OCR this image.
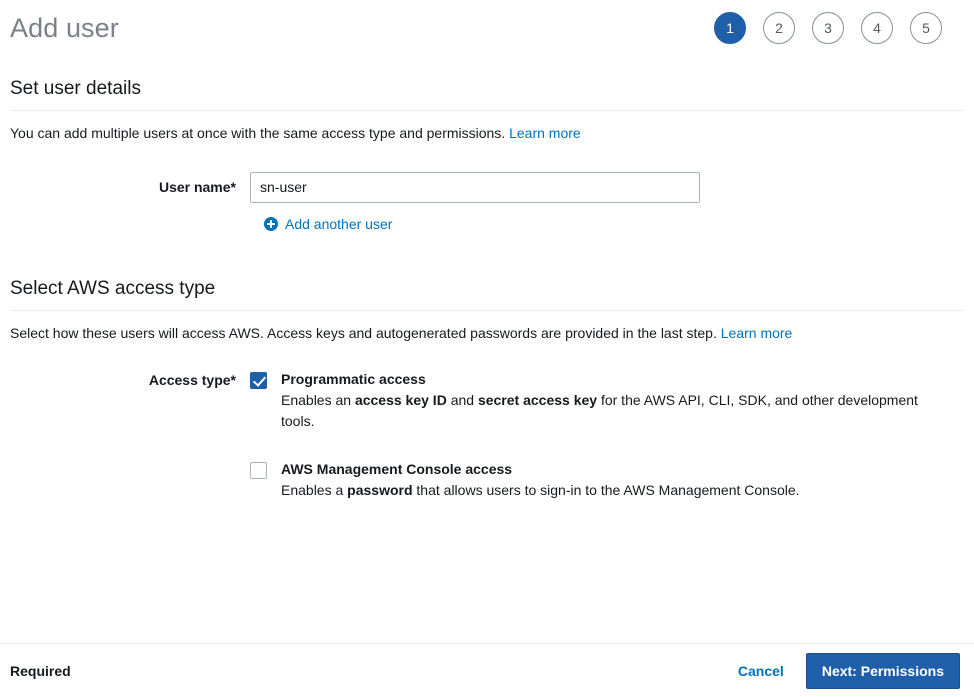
Add user	1	2	3	4	5
Set user details

You can add multiple users at once with the same access type and permissions. Learn more

User name*
sn-user
Add another user
Select AWS access type

Select how these users will access AWS. Access keys and autogenerated passwords are provided in the last step. Learn more

Access type*	Programmatic access
Enables an access key ID and secret access key for the AWS API, CLI, SDK, and other development tools.
AWS Management Console access
Enables a password that allows users to sign-in to the AWS Management Console.
Required	Cancel	Next: Permissions
